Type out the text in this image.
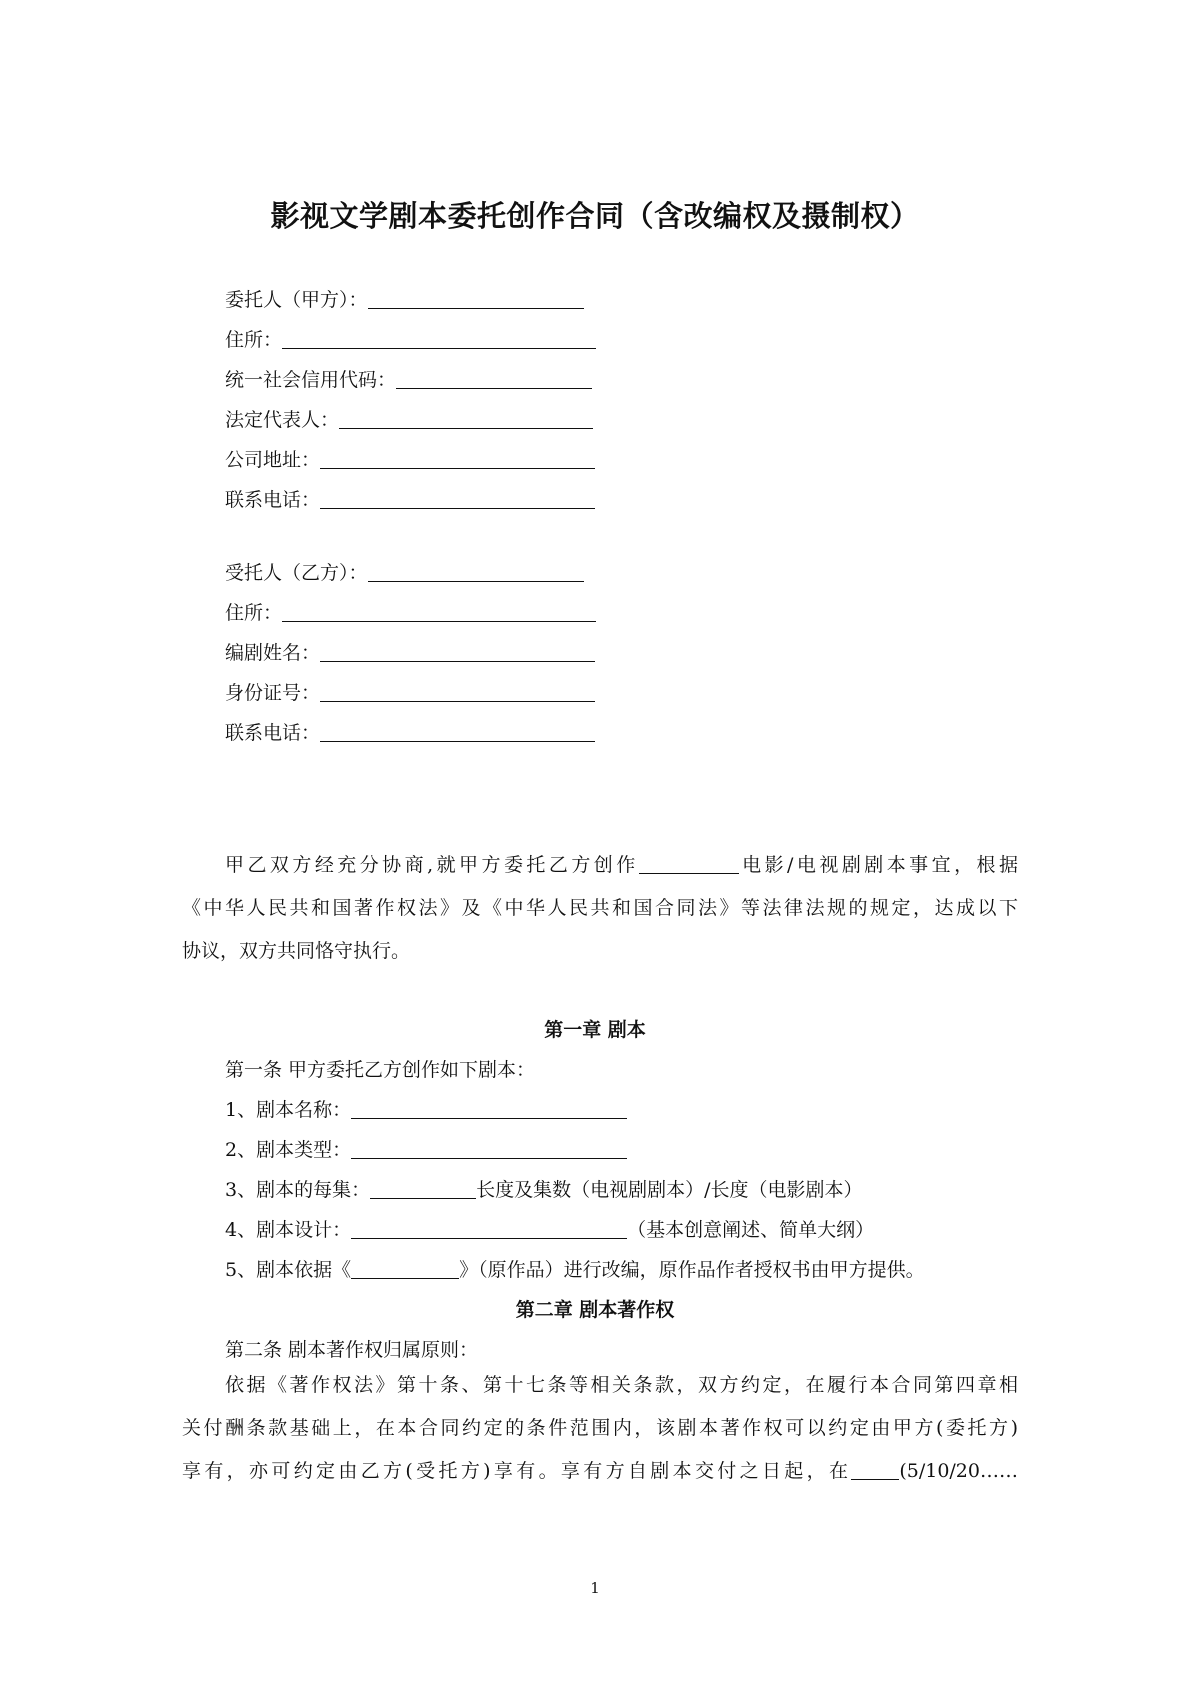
影视文学剧本委托创作合同（含改编权及摄制权）
委托人（甲方）：
住所：
统一社会信用代码：
法定代表人：
公司地址：
联系电话：
受托人（乙方）：
住所：
编剧姓名：
身份证号：
联系电话：
甲乙双方经充分协商,就甲方委托乙方创作	电影/电视剧剧本事宜，根据
《中华人民共和国著作权法》及《中华人民共和国合同法》等法律法规的规定，达成以下
协议，双方共同恪守执行。
第一章 剧本
第一条 甲方委托乙方创作如下剧本：
1、剧本名称：
2、剧本类型：
3、剧本的每集：	长度及集数（电视剧剧本）/长度（电影剧本）
4、剧本设计：	（基本创意阐述、简单大纲）
5、剧本依据《	》（原作品）进行改编，原作品作者授权书由甲方提供。
第二章 剧本著作权
第二条 剧本著作权归属原则：
依据《著作权法》第十条、第十七条等相关条款，双方约定，在履行本合同第四章相
关付酬条款基础上，在本合同约定的条件范围内，该剧本著作权可以约定由甲方(委托方)
享有，亦可约定由乙方(受托方)享有。享有方自剧本交付之日起，在	(5/10/20……
1
